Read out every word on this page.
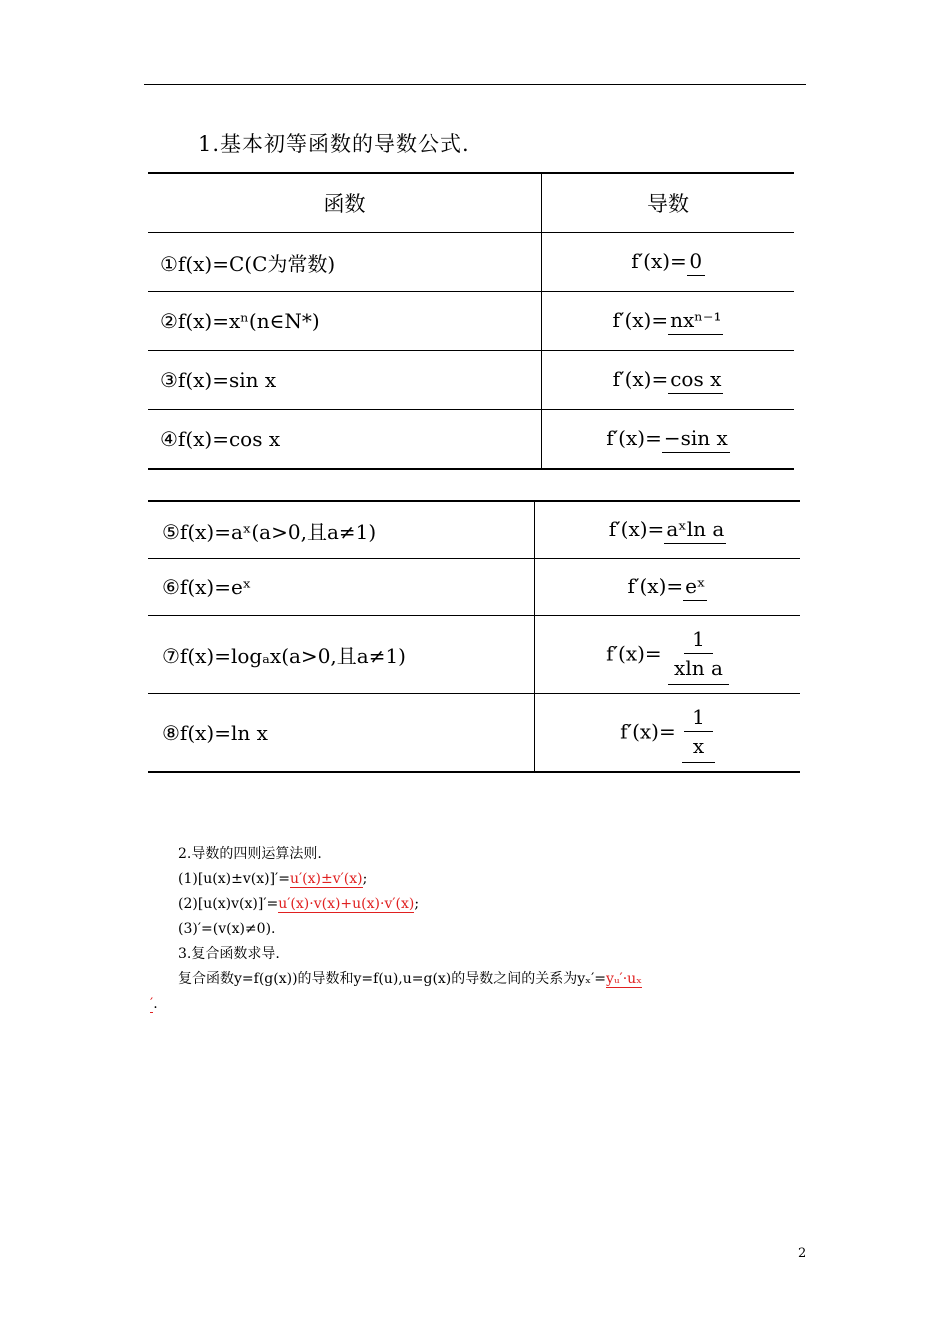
1.基本初等函数的导数公式.
函数	导数
①f(x)=C(C为常数)	f′(x)= 0
②f(x)=xⁿ(n∈N*)	f′(x)= nxⁿ⁻¹
③f(x)=sin x	f′(x)= cos x
④f(x)=cos x	f′(x)= −sin x
⑤f(x)=aˣ(a>0,且a≠1)	f′(x)= aˣln a
⑥f(x)=eˣ	f′(x)= eˣ
⑦f(x)=logₐx(a>0,且a≠1)	$f'(x)= \frac{1}{\text{xln a}}$

⑧f(x)=ln x	$f'(x)= \frac{1}{x}$
2.导数的四则运算法则.
(1)[u(x)±v(x)]′=u′(x)±v′(x);
(2)[u(x)v(x)]′=u′(x)·v(x)+u(x)·v′(x);
(3)′=(v(x)≠0).
3.复合函数求导.
复合函数y=f(g(x))的导数和y=f(u),u=g(x)的导数之间的关系为yₓ′=yᵤ′·uₓ
′.
2
